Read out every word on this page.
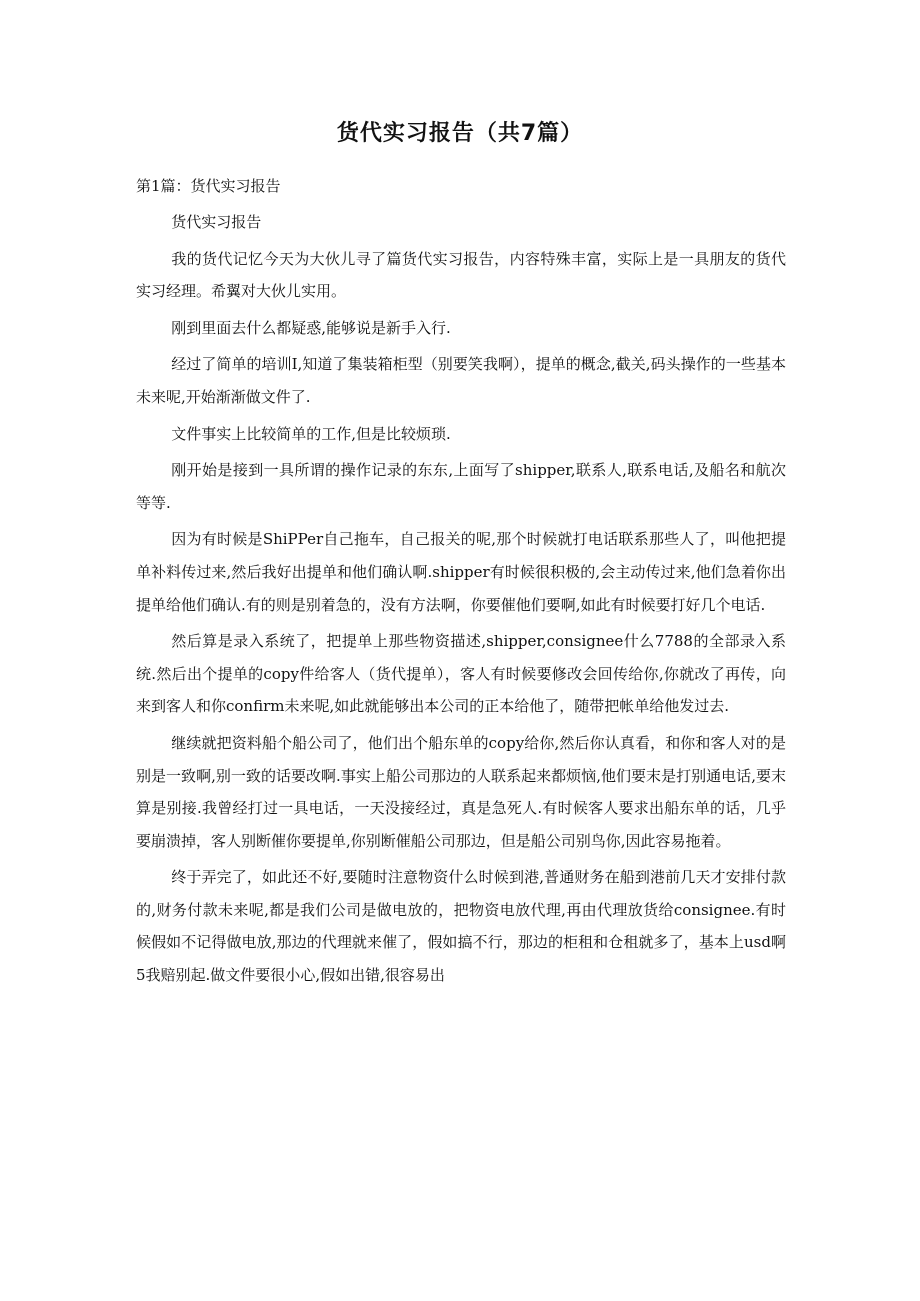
货代实习报告（共7篇）
第1篇：货代实习报告

货代实习报告

我的货代记忆今天为大伙儿寻了篇货代实习报告，内容特殊丰富，实际上是一具朋友的货代实习经理。希翼对大伙儿实用。

刚到里面去什么都疑惑,能够说是新手入行.

经过了简单的培训I,知道了集装箱柜型（别要笑我啊），提单的概念,截关,码头操作的一些基本未来呢,开始渐渐做文件了.

文件事实上比较简单的工作,但是比较烦琐.

刚开始是接到一具所谓的操作记录的东东,上面写了shipper,联系人,联系电话,及船名和航次等等.

因为有时候是ShiPPer自己拖车，自己报关的呢,那个时候就打电话联系那些人了，叫他把提单补料传过来,然后我好出提单和他们确认啊.shipper有时候很积极的,会主动传过来,他们急着你出提单给他们确认.有的则是别着急的，没有方法啊，你要催他们要啊,如此有时候要打好几个电话.

然后算是录入系统了，把提单上那些物资描述,shipper,consignee什么7788的全部录入系统.然后出个提单的copy件给客人（货代提单），客人有时候要修改会回传给你,你就改了再传，向来到客人和你confirm未来呢,如此就能够出本公司的正本给他了，随带把帐单给他发过去.

继续就把资料船个船公司了，他们出个船东单的copy给你,然后你认真看，和你和客人对的是别是一致啊,别一致的话要改啊.事实上船公司那边的人联系起来都烦恼,他们要末是打别通电话,要末算是别接.我曾经打过一具电话，一天没接经过，真是急死人.有时候客人要求出船东单的话，几乎要崩溃掉，客人别断催你要提单,你别断催船公司那边，但是船公司别鸟你,因此容易拖着。

终于弄完了，如此还不好,要随时注意物资什么时候到港,普通财务在船到港前几天才安排付款的,财务付款未来呢,都是我们公司是做电放的，把物资电放代理,再由代理放货给consignee.有时候假如不记得做电放,那边的代理就来催了，假如搞不行，那边的柜租和仓租就多了，基本上usd啊5我赔别起.做文件要很小心,假如出错,很容易出
